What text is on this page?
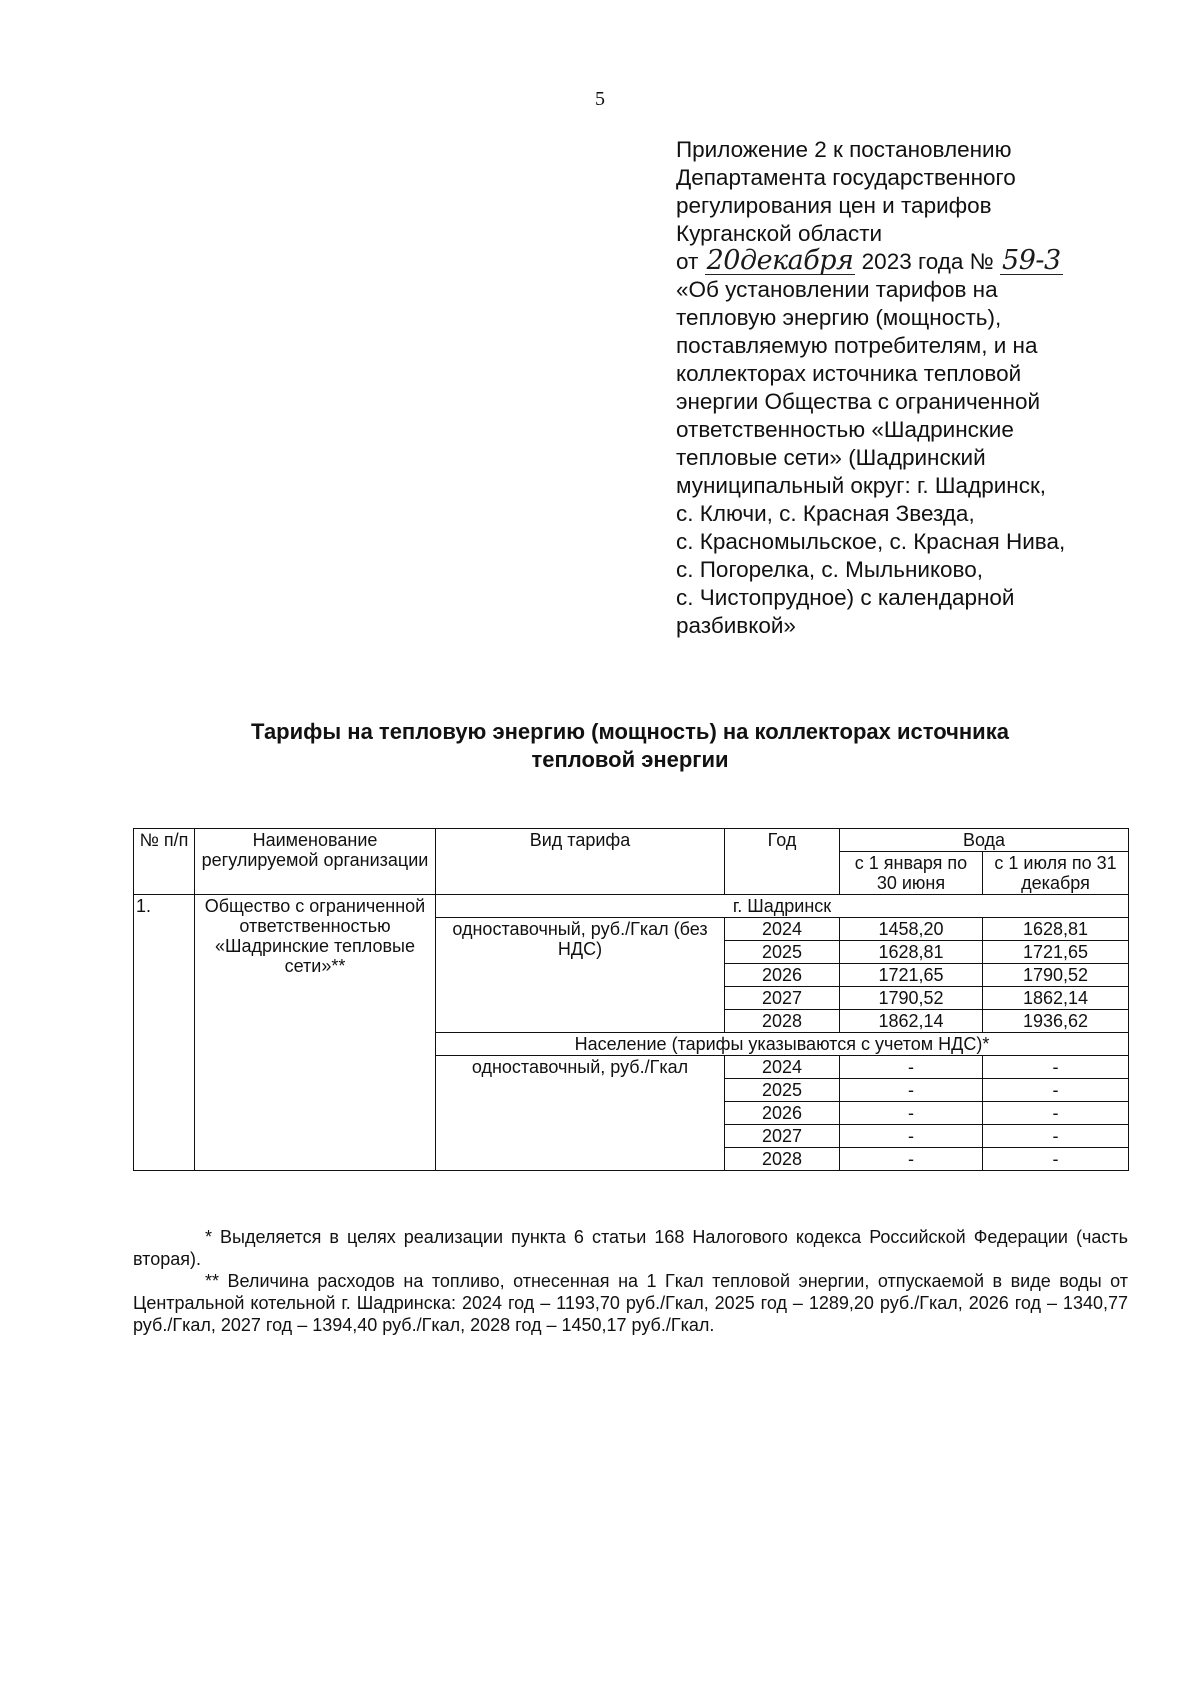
5
Приложение 2 к постановлению
Департамента государственного
регулирования цен и тарифов
Курганской области
от 20декабря 2023 года № 59-3
«Об установлении тарифов на
тепловую энергию (мощность),
поставляемую потребителям, и на
коллекторах источника тепловой
энергии Общества с ограниченной
ответственностью «Шадринские
тепловые сети» (Шадринский
муниципальный округ: г. Шадринск,
с. Ключи, с. Красная Звезда,
с. Красномыльское, с. Красная Нива,
с. Погорелка, с. Мыльниково,
с. Чистопрудное) с календарной
разбивкой»
Тарифы на тепловую энергию (мощность) на коллекторах источника
тепловой энергии
№ п/п	Наименование регулируемой организации	Вид тарифа	Год	Вода	
				с 1 января по 30 июня	с 1 июля по 31 декабря
1.	Общество с ограниченной ответственностью «Шадринские тепловые сети»**	г. Шадринск			
		одноставочный, руб./Гкал (без НДС)	2024	1458,20	1628,81
			2025	1628,81	1721,65
			2026	1721,65	1790,52
			2027	1790,52	1862,14
			2028	1862,14	1936,62
		Население (тарифы указываются с учетом НДС)*			
		одноставочный, руб./Гкал	2024	-	-
			2025	-	-
			2026	-	-
			2027	-	-
			2028	-	-

* Выделяется в целях реализации пункта 6 статьи 168 Налогового кодекса Российской Федерации (часть вторая).

** Величина расходов на топливо, отнесенная на 1 Гкал тепловой энергии, отпускаемой в виде воды от Центральной котельной г. Шадринска: 2024 год – 1193,70 руб./Гкал, 2025 год – 1289,20 руб./Гкал, 2026 год – 1340,77 руб./Гкал, 2027 год – 1394,40 руб./Гкал, 2028 год – 1450,17 руб./Гкал.
